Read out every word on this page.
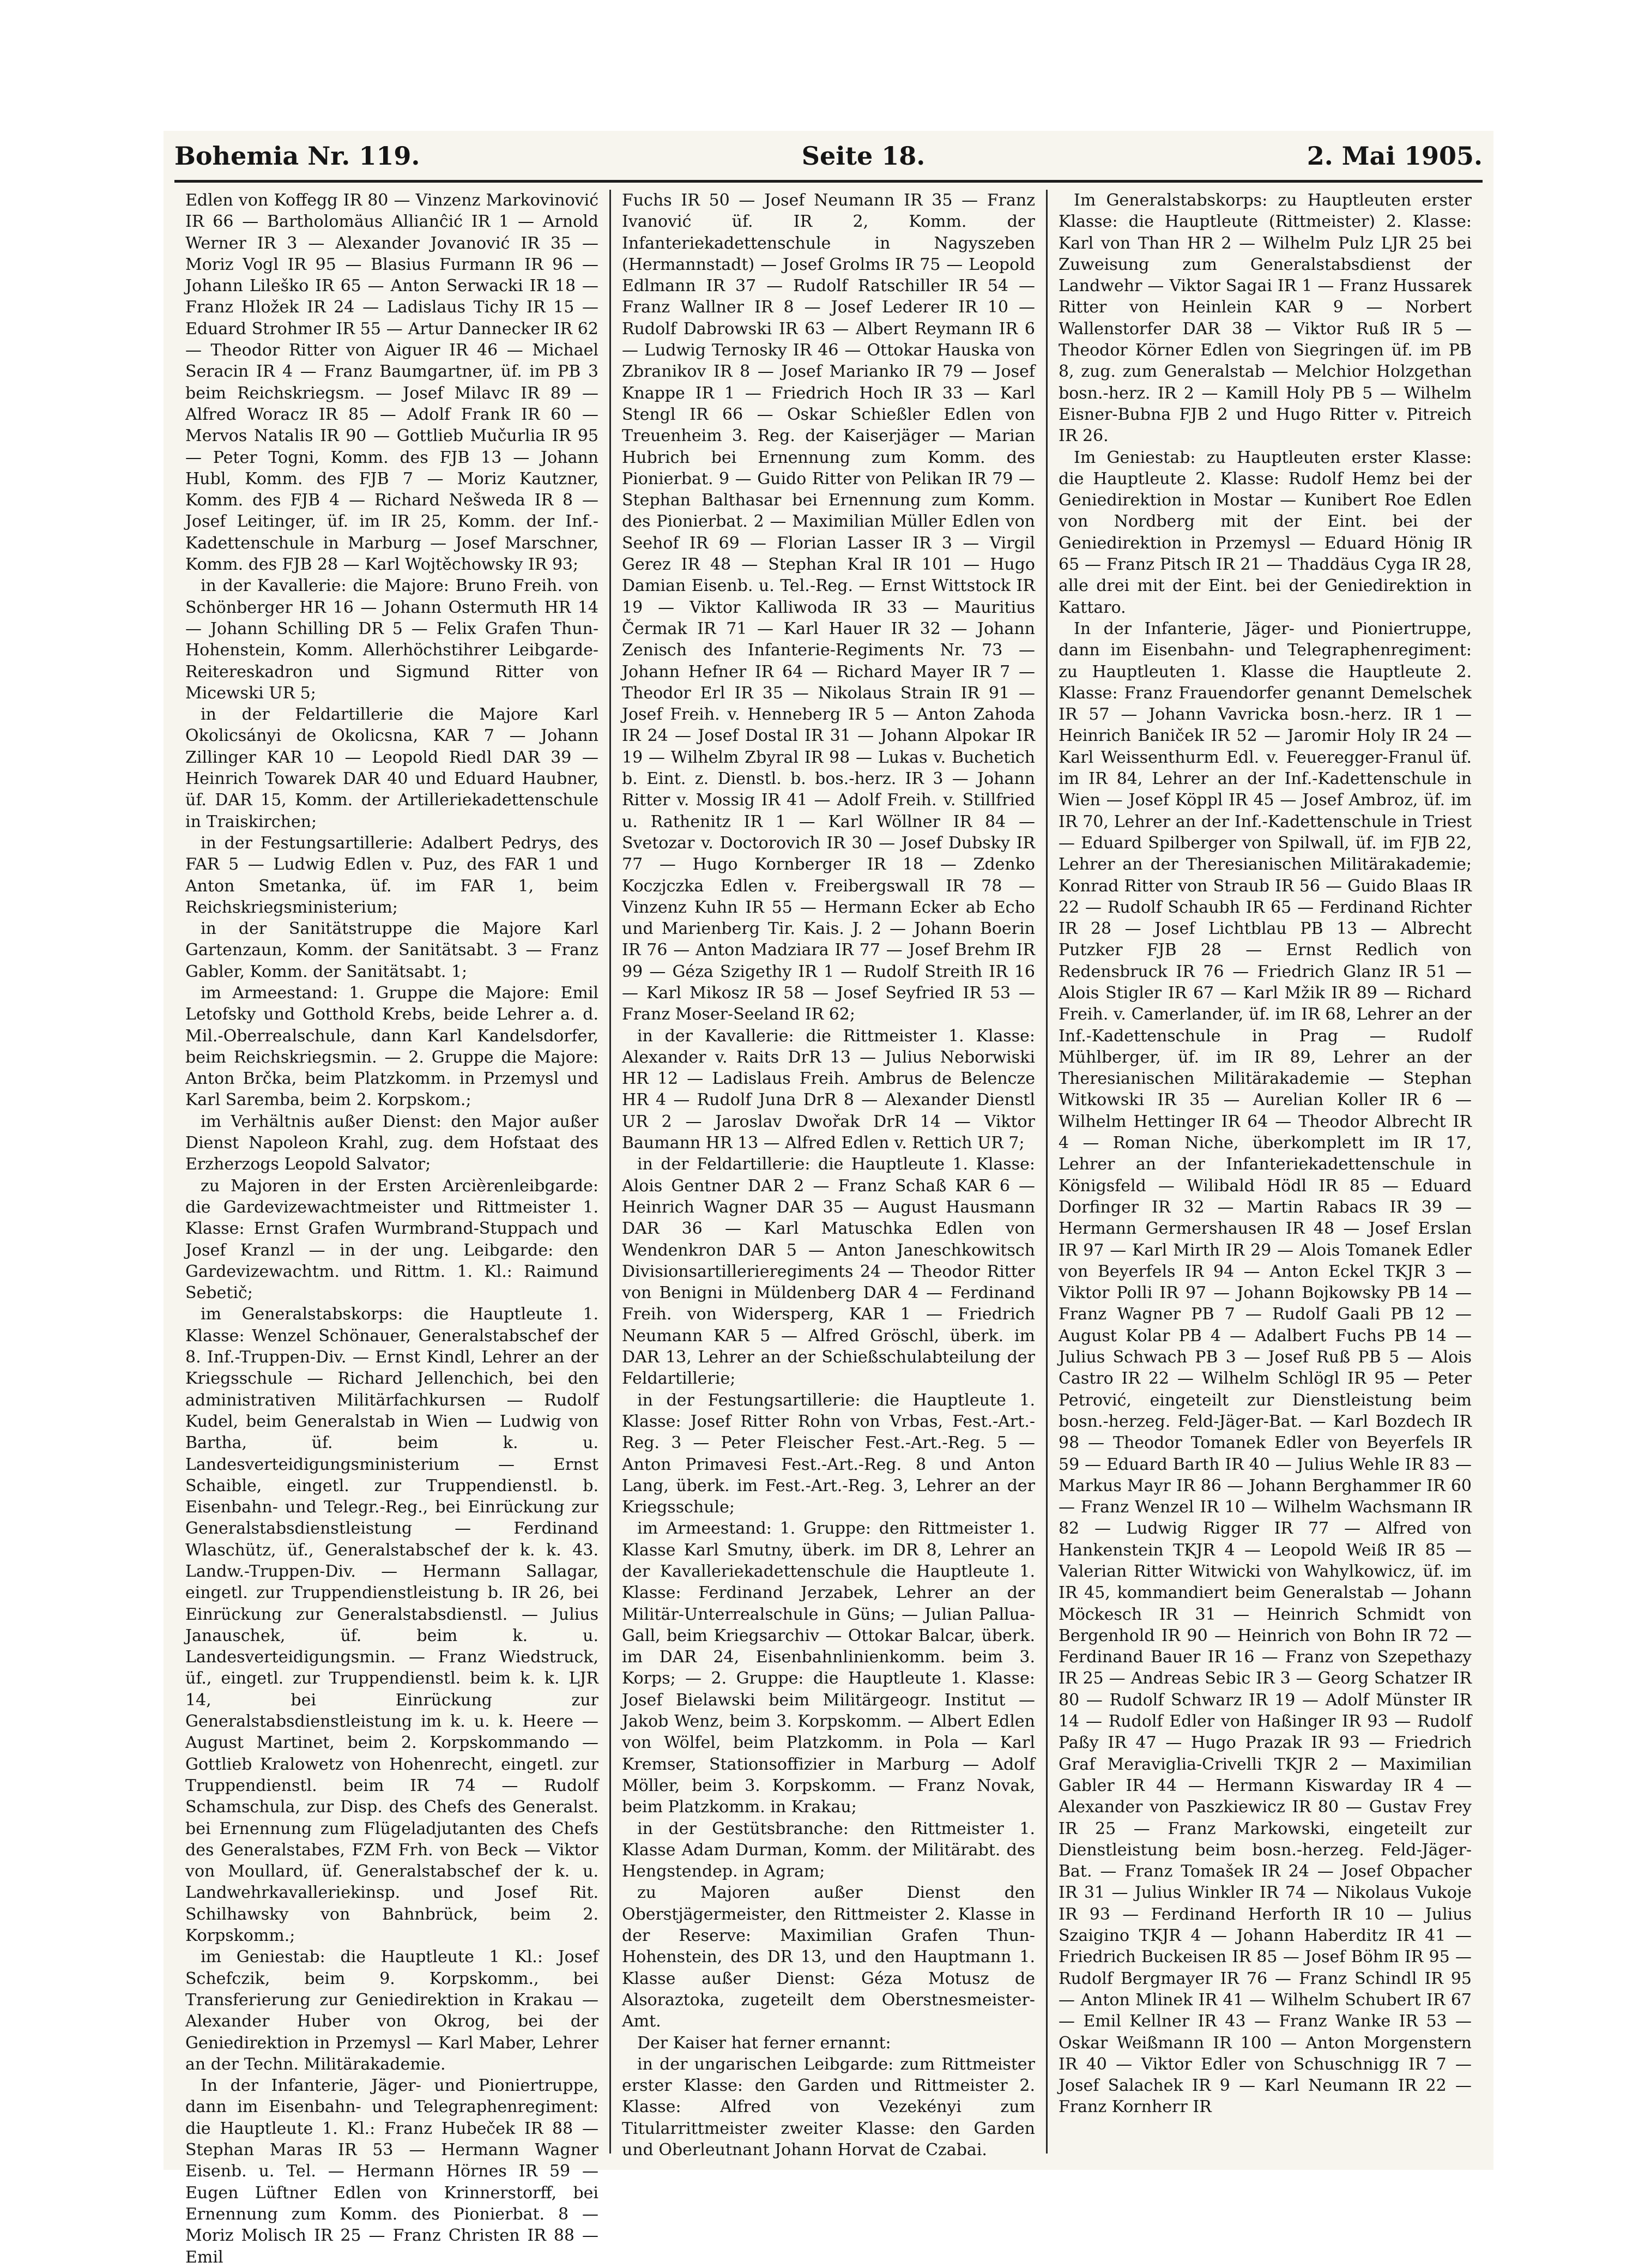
Bohemia Nr. 119.	Seite 18.	2. Mai 1905.

Edlen von Koffegg IR 80 — Vinzenz Markovinović IR 66 — Bartholomäus Allianĉić IR 1 — Arnold Werner IR 3 — Alexander Jovanović IR 35 — Moriz Vogl IR 95 — Blasius Furmann IR 96 — Johann Lileško IR 65 — Anton Serwacki IR 18 — Franz Hložek IR 24 — Ladislaus Tichy IR 15 — Eduard Strohmer IR 55 — Artur Dannecker IR 62 — Theodor Ritter von Aiguer IR 46 — Michael Seracin IR 4 — Franz Baumgartner, üf. im PB 3 beim Reichskriegsm. — Josef Milavc IR 89 — Alfred Woracz IR 85 — Adolf Frank IR 60 — Mervos Natalis IR 90 — Gottlieb Mučurlia IR 95 — Peter Togni, Komm. des FJB 13 — Johann Hubl, Komm. des FJB 7 — Moriz Kautzner, Komm. des FJB 4 — Richard Nešweda IR 8 — Josef Leitinger, üf. im IR 25, Komm. der Inf.-Kadettenschule in Marburg — Josef Marschner, Komm. des FJB 28 — Karl Wojtěchowsky IR 93;

in der Kavallerie: die Majore: Bruno Freih. von Schönberger HR 16 — Johann Ostermuth HR 14 — Johann Schilling DR 5 — Felix Grafen Thun-Hohenstein, Komm. Allerhöchstihrer Leibgarde-Reitereskadron und Sigmund Ritter von Micewski UR 5;

in der Feldartillerie die Majore Karl Okolicsányi de Okolicsna, KAR 7 — Johann Zillinger KAR 10 — Leopold Riedl DAR 39 — Heinrich Towarek DAR 40 und Eduard Haubner, üf. DAR 15, Komm. der Artilleriekadettenschule in Traiskirchen;

in der Festungsartillerie: Adalbert Pedrys, des FAR 5 — Ludwig Edlen v. Puz, des FAR 1 und Anton Smetanka, üf. im FAR 1, beim Reichskriegsministerium;

in der Sanitätstruppe die Majore Karl Gartenzaun, Komm. der Sanitätsabt. 3 — Franz Gabler, Komm. der Sanitätsabt. 1;

im Armeestand: 1. Gruppe die Majore: Emil Letofsky und Gotthold Krebs, beide Lehrer a. d. Mil.-Oberrealschule, dann Karl Kandelsdorfer, beim Reichskriegsmin. — 2. Gruppe die Majore: Anton Brčka, beim Platzkomm. in Przemysl und Karl Saremba, beim 2. Korpskom.;

im Verhältnis außer Dienst: den Major außer Dienst Napoleon Krahl, zug. dem Hofstaat des Erzherzogs Leopold Salvator;

zu Majoren in der Ersten Arcièrenleibgarde: die Gardevizewachtmeister und Rittmeister 1. Klasse: Ernst Grafen Wurmbrand-Stuppach und Josef Kranzl — in der ung. Leibgarde: den Gardevizewachtm. und Rittm. 1. Kl.: Raimund Sebetič;

im Generalstabskorps: die Hauptleute 1. Klasse: Wenzel Schönauer, Generalstabschef der 8. Inf.-Truppen-Div. — Ernst Kindl, Lehrer an der Kriegsschule — Richard Jellenchich, bei den administrativen Militärfachkursen — Rudolf Kudel, beim Generalstab in Wien — Ludwig von Bartha, üf. beim k. u. Landesverteidigungsministerium — Ernst Schaible, eingetl. zur Truppendienstl. b. Eisenbahn- und Telegr.-Reg., bei Einrückung zur Generalstabsdienstleistung — Ferdinand Wlaschütz, üf., Generalstabschef der k. k. 43. Landw.-Truppen-Div. — Hermann Sallagar, eingetl. zur Truppendienstleistung b. IR 26, bei Einrückung zur Generalstabsdienstl. — Julius Janauschek, üf. beim k. u. Landesverteidigungsmin. — Franz Wiedstruck, üf., eingetl. zur Truppendienstl. beim k. k. LJR 14, bei Einrückung zur Generalstabsdienstleistung im k. u. k. Heere — August Martinet, beim 2. Korpskommando — Gottlieb Kralowetz von Hohenrecht, eingetl. zur Truppendienstl. beim IR 74 — Rudolf Schamschula, zur Disp. des Chefs des Generalst. bei Ernennung zum Flügeladjutanten des Chefs des Generalstabes, FZM Frh. von Beck — Viktor von Moullard, üf. Generalstabschef der k. u. Landwehrkavalleriekinsp. und Josef Rit. Schilhawsky von Bahnbrück, beim 2. Korpskomm.;

im Geniestab: die Hauptleute 1 Kl.: Josef Schefczik, beim 9. Korpskomm., bei Transferierung zur Geniedirektion in Krakau — Alexander Huber von Okrog, bei der Geniedirektion in Przemysl — Karl Maber, Lehrer an der Techn. Militärakademie.

In der Infanterie, Jäger- und Pioniertruppe, dann im Eisenbahn- und Telegraphenregiment: die Hauptleute 1. Kl.: Franz Hubeček IR 88 — Stephan Maras IR 53 — Hermann Wagner Eisenb. u. Tel. — Hermann Hörnes IR 59 — Eugen Lüftner Edlen von Krinnerstorff, bei Ernennung zum Komm. des Pionierbat. 8 — Moriz Molisch IR 25 — Franz Christen IR 88 — Emil

Fuchs IR 50 — Josef Neumann IR 35 — Franz Ivanović üf. IR 2, Komm. der Infanteriekadettenschule in Nagyszeben (Hermannstadt) — Josef Grolms IR 75 — Leopold Edlmann IR 37 — Rudolf Ratschiller IR 54 — Franz Wallner IR 8 — Josef Lederer IR 10 — Rudolf Dabrowski IR 63 — Albert Reymann IR 6 — Ludwig Ternosky IR 46 — Ottokar Hauska von Zbranikov IR 8 — Josef Marianko IR 79 — Josef Knappe IR 1 — Friedrich Hoch IR 33 — Karl Stengl IR 66 — Oskar Schießler Edlen von Treuenheim 3. Reg. der Kaiserjäger — Marian Hubrich bei Ernennung zum Komm. des Pionierbat. 9 — Guido Ritter von Pelikan IR 79 — Stephan Balthasar bei Ernennung zum Komm. des Pionierbat. 2 — Maximilian Müller Edlen von Seehof IR 69 — Florian Lasser IR 3 — Virgil Gerez IR 48 — Stephan Kral IR 101 — Hugo Damian Eisenb. u. Tel.-Reg. — Ernst Wittstock IR 19 — Viktor Kalliwoda IR 33 — Mauritius Čermak IR 71 — Karl Hauer IR 32 — Johann Zenisch des Infanterie-Regiments Nr. 73 — Johann Hefner IR 64 — Richard Mayer IR 7 — Theodor Erl IR 35 — Nikolaus Strain IR 91 — Josef Freih. v. Henneberg IR 5 — Anton Zahoda IR 24 — Josef Dostal IR 31 — Johann Alpokar IR 19 — Wilhelm Zbyral IR 98 — Lukas v. Buchetich b. Eint. z. Dienstl. b. bos.-herz. IR 3 — Johann Ritter v. Mossig IR 41 — Adolf Freih. v. Stillfried u. Rathenitz IR 1 — Karl Wöllner IR 84 — Svetozar v. Doctorovich IR 30 — Josef Dubsky IR 77 — Hugo Kornberger IR 18 — Zdenko Koczjczka Edlen v. Freibergswall IR 78 — Vinzenz Kuhn IR 55 — Hermann Ecker ab Echo und Marienberg Tir. Kais. J. 2 — Johann Boerin IR 76 — Anton Madziara IR 77 — Josef Brehm IR 99 — Géza Szigethy IR 1 — Rudolf Streith IR 16 — Karl Mikosz IR 58 — Josef Seyfried IR 53 — Franz Moser-Seeland IR 62;

in der Kavallerie: die Rittmeister 1. Klasse: Alexander v. Raits DrR 13 — Julius Neborwiski HR 12 — Ladislaus Freih. Ambrus de Belencze HR 4 — Rudolf Juna DrR 8 — Alexander Dienstl UR 2 — Jaroslav Dwořak DrR 14 — Viktor Baumann HR 13 — Alfred Edlen v. Rettich UR 7;

in der Feldartillerie: die Hauptleute 1. Klasse: Alois Gentner DAR 2 — Franz Schaß KAR 6 — Heinrich Wagner DAR 35 — August Hausmann DAR 36 — Karl Matuschka Edlen von Wendenkron DAR 5 — Anton Janeschkowitsch Divisionsartillerieregiments 24 — Theodor Ritter von Benigni in Müldenberg DAR 4 — Ferdinand Freih. von Widersperg, KAR 1 — Friedrich Neumann KAR 5 — Alfred Gröschl, überk. im DAR 13, Lehrer an der Schießschulabteilung der Feldartillerie;

in der Festungsartillerie: die Hauptleute 1. Klasse: Josef Ritter Rohn von Vrbas, Fest.-Art.-Reg. 3 — Peter Fleischer Fest.-Art.-Reg. 5 — Anton Primavesi Fest.-Art.-Reg. 8 und Anton Lang, überk. im Fest.-Art.-Reg. 3, Lehrer an der Kriegsschule;

im Armeestand: 1. Gruppe: den Rittmeister 1. Klasse Karl Smutny, überk. im DR 8, Lehrer an der Kavalleriekadettenschule die Hauptleute 1. Klasse: Ferdinand Jerzabek, Lehrer an der Militär-Unterrealschule in Güns; — Julian Pallua-Gall, beim Kriegsarchiv — Ottokar Balcar, überk. im DAR 24, Eisenbahnlinienkomm. beim 3. Korps; — 2. Gruppe: die Hauptleute 1. Klasse: Josef Bielawski beim Militärgeogr. Institut — Jakob Wenz, beim 3. Korpskomm. — Albert Edlen von Wölfel, beim Platzkomm. in Pola — Karl Kremser, Stationsoffizier in Marburg — Adolf Möller, beim 3. Korpskomm. — Franz Novak, beim Platzkomm. in Krakau;

in der Gestütsbranche: den Rittmeister 1. Klasse Adam Durman, Komm. der Militärabt. des Hengstendep. in Agram;

zu Majoren außer Dienst den Oberstjägermeister, den Rittmeister 2. Klasse in der Reserve: Maximilian Grafen Thun-Hohenstein, des DR 13, und den Hauptmann 1. Klasse außer Dienst: Géza Motusz de Alsoraztoka, zugeteilt dem Oberstnesmeister-Amt.

Der Kaiser hat ferner ernannt:

in der ungarischen Leibgarde: zum Rittmeister erster Klasse: den Garden und Rittmeister 2. Klasse: Alfred von Vezekényi zum Titularrittmeister zweiter Klasse: den Garden und Oberleutnant Johann Horvat de Czabai.

Im Generalstabskorps: zu Hauptleuten erster Klasse: die Hauptleute (Rittmeister) 2. Klasse: Karl von Than HR 2 — Wilhelm Pulz LJR 25 bei Zuweisung zum Generalstabsdienst der Landwehr — Viktor Sagai IR 1 — Franz Hussarek Ritter von Heinlein KAR 9 — Norbert Wallenstorfer DAR 38 — Viktor Ruß IR 5 — Theodor Körner Edlen von Siegringen üf. im PB 8, zug. zum Generalstab — Melchior Holzgethan bosn.-herz. IR 2 — Kamill Holy PB 5 — Wilhelm Eisner-Bubna FJB 2 und Hugo Ritter v. Pitreich IR 26.

Im Geniestab: zu Hauptleuten erster Klasse: die Hauptleute 2. Klasse: Rudolf Hemz bei der Geniedirektion in Mostar — Kunibert Roe Edlen von Nordberg mit der Eint. bei der Geniedirektion in Przemysl — Eduard Hönig IR 65 — Franz Pitsch IR 21 — Thaddäus Cyga IR 28, alle drei mit der Eint. bei der Geniedirektion in Kattaro.

In der Infanterie, Jäger- und Pioniertruppe, dann im Eisenbahn- und Telegraphenregiment: zu Hauptleuten 1. Klasse die Hauptleute 2. Klasse: Franz Frauendorfer genannt Demelschek IR 57 — Johann Vavricka bosn.-herz. IR 1 — Heinrich Baniček IR 52 — Jaromir Holy IR 24 — Karl Weissenthurm Edl. v. Feueregger-Franul üf. im IR 84, Lehrer an der Inf.-Kadettenschule in Wien — Josef Köppl IR 45 — Josef Ambroz, üf. im IR 70, Lehrer an der Inf.-Kadettenschule in Triest — Eduard Spilberger von Spilwall, üf. im FJB 22, Lehrer an der Theresianischen Militärakademie; Konrad Ritter von Straub IR 56 — Guido Blaas IR 22 — Rudolf Schaubh IR 65 — Ferdinand Richter IR 28 — Josef Lichtblau PB 13 — Albrecht Putzker FJB 28 — Ernst Redlich von Redensbruck IR 76 — Friedrich Glanz IR 51 — Alois Stigler IR 67 — Karl Mžik IR 89 — Richard Freih. v. Camerlander, üf. im IR 68, Lehrer an der Inf.-Kadettenschule in Prag — Rudolf Mühlberger, üf. im IR 89, Lehrer an der Theresianischen Militärakademie — Stephan Witkowski IR 35 — Aurelian Koller IR 6 — Wilhelm Hettinger IR 64 — Theodor Albrecht IR 4 — Roman Niche, überkomplett im IR 17, Lehrer an der Infanteriekadettenschule in Königsfeld — Wilibald Hödl IR 85 — Eduard Dorfinger IR 32 — Martin Rabacs IR 39 — Hermann Germershausen IR 48 — Josef Erslan IR 97 — Karl Mirth IR 29 — Alois Tomanek Edler von Beyerfels IR 94 — Anton Eckel TKJR 3 — Viktor Polli IR 97 — Johann Bojkowsky PB 14 — Franz Wagner PB 7 — Rudolf Gaali PB 12 — August Kolar PB 4 — Adalbert Fuchs PB 14 — Julius Schwach PB 3 — Josef Ruß PB 5 — Alois Castro IR 22 — Wilhelm Schlögl IR 95 — Peter Petrović, eingeteilt zur Dienstleistung beim bosn.-herzeg. Feld-Jäger-Bat. — Karl Bozdech IR 98 — Theodor Tomanek Edler von Beyerfels IR 59 — Eduard Barth IR 40 — Julius Wehle IR 83 — Markus Mayr IR 86 — Johann Berghammer IR 60 — Franz Wenzel IR 10 — Wilhelm Wachsmann IR 82 — Ludwig Rigger IR 77 — Alfred von Hankenstein TKJR 4 — Leopold Weiß IR 85 — Valerian Ritter Witwicki von Wahylkowicz, üf. im IR 45, kommandiert beim Generalstab — Johann Möckesch IR 31 — Heinrich Schmidt von Bergenhold IR 90 — Heinrich von Bohn IR 72 — Ferdinand Bauer IR 16 — Franz von Szepethazy IR 25 — Andreas Sebic IR 3 — Georg Schatzer IR 80 — Rudolf Schwarz IR 19 — Adolf Münster IR 14 — Rudolf Edler von Haßinger IR 93 — Rudolf Paßy IR 47 — Hugo Prazak IR 93 — Friedrich Graf Meraviglia-Crivelli TKJR 2 — Maximilian Gabler IR 44 — Hermann Kiswarday IR 4 — Alexander von Paszkiewicz IR 80 — Gustav Frey IR 25 — Franz Markowski, eingeteilt zur Dienstleistung beim bosn.-herzeg. Feld-Jäger-Bat. — Franz Tomašek IR 24 — Josef Obpacher IR 31 — Julius Winkler IR 74 — Nikolaus Vukoje IR 93 — Ferdinand Herforth IR 10 — Julius Szaigino TKJR 4 — Johann Haberditz IR 41 — Friedrich Buckeisen IR 85 — Josef Böhm IR 95 — Rudolf Bergmayer IR 76 — Franz Schindl IR 95 — Anton Mlinek IR 41 — Wilhelm Schubert IR 67 — Emil Kellner IR 43 — Franz Wanke IR 53 — Oskar Weißmann IR 100 — Anton Morgenstern IR 40 — Viktor Edler von Schuschnigg IR 7 — Josef Salachek IR 9 — Karl Neumann IR 22 — Franz Kornherr IR
